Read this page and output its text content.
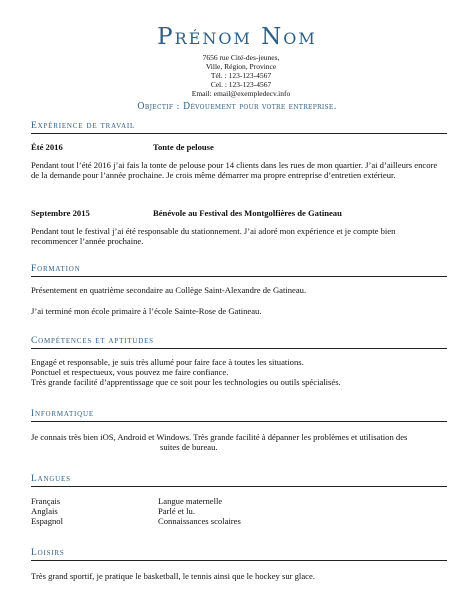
Prénom Nom
7656 rue Cité-des-jeunes,
Ville, Région, Province
Tél. : 123-123-4567
Cel. : 123-123-4567
Email: email@exempledecv.info
Objectif : Dévouement pour votre entreprise.
Expérience de travail
Été 2016	Tonte de pelouse
Pendant tout l’été 2016 j’ai fais la tonte de pelouse pour 14 clients dans les rues de mon quartier. J’ai d’ailleurs encore de la demande pour l’année prochaine. Je crois même démarrer ma propre entreprise d’entretien extérieur.
Septembre 2015	Bénévole au Festival des Montgolfières de Gatineau
Pendant tout le festival j’ai été responsable du stationnement. J’ai adoré mon expérience et je compte bien recommencer l’année prochaine.
Formation
Présentement en quatrième secondaire au Collège Saint-Alexandre de Gatineau.
J’ai terminé mon école primaire à l’école Sainte-Rose de Gatineau.
Compétences et aptitudes
Engagé et responsable, je suis très allumé pour faire face à toutes les situations.
Ponctuel et respectueux, vous pouvez me faire confiance.
Très grande facilité d’apprentissage que ce soit pour les technologies ou outils spécialisés.
Informatique
Je connais très bien iOS, Android et Windows. Très grande facilité à dépanner les problèmes et utilisation des
suites de bureau.
Langues
Français	Langue maternelle
Anglais	Parlé et lu.
Espagnol	Connaissances scolaires
Loisirs
Très grand sportif, je pratique le basketball, le tennis ainsi que le hockey sur glace.
